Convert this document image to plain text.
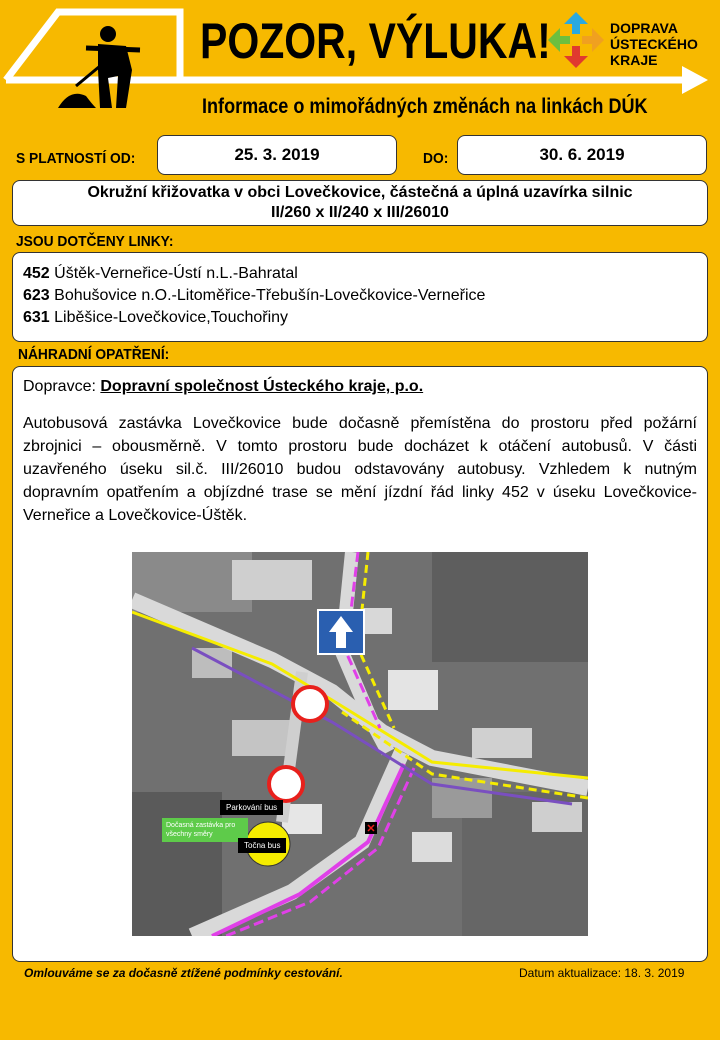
POZOR, VÝLUKA!
Informace o mimořádných změnách na linkách DÚK
DOPRAVA
ÚSTECKÉHO
KRAJE
S PLATNOSTÍ OD:	25. 3. 2019	DO:	30. 6. 2019
Okružní křižovatka v obci Lovečkovice, částečná a úplná uzavírka silnic
II/260 x II/240 x III/26010
JSOU DOTČENY LINKY:
452 Úštěk-Verneřice-Ústí n.L.-Bahratal
623 Bohušovice n.O.-Litoměřice-Třebušín-Lovečkovice-Verneřice
631 Liběšice-Lovečkovice,Touchořiny
NÁHRADNÍ OPATŘENÍ:

Dopravce: Dopravní společnost Ústeckého kraje, p.o.

Autobusová zastávka Lovečkovice bude dočasně přemístěna do prostoru před požární zbrojnici – obousměrně. V tomto prostoru bude docházet k otáčení autobusů. V části uzavřeného úseku sil.č. III/26010 budou odstavovány autobusy. Vzhledem k nutným dopravním opatřením a objízdné trase se mění jízdní řád linky 452 v úseku Lovečkovice-Verneřice a Lovečkovice-Úštěk.

Parkování bus
Dočasná zastávka pro všechny směry
Točna bus
Omlouváme se za dočasně ztížené podmínky cestování.	Datum aktualizace: 18. 3. 2019
